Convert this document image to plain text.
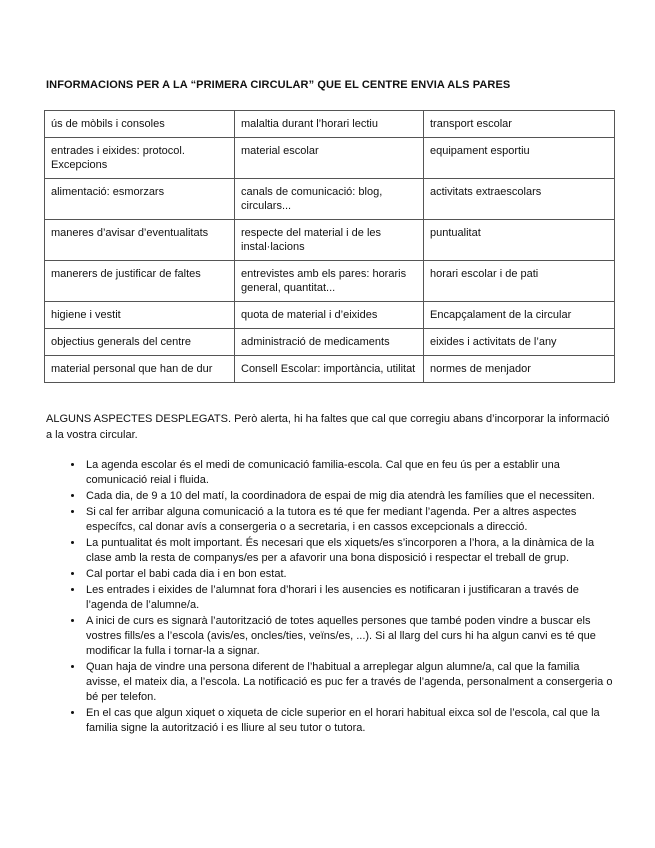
INFORMACIONS PER A LA “PRIMERA CIRCULAR” QUE EL CENTRE ENVIA ALS PARES
ús de mòbils i consoles	malaltia durant l’horari lectiu	transport escolar
entrades i eixides: protocol. Excepcions	material escolar	equipament esportiu
alimentació: esmorzars	canals de comunicació: blog, circulars...	activitats extraescolars
maneres d’avisar d’eventualitats	respecte del material i de les instal·lacions	puntualitat
manerers de justificar de faltes	entrevistes amb els pares: horaris general, quantitat...	horari escolar i de pati
higiene i vestit	quota de material i d’eixides	Encapçalament de la circular
objectius generals del centre	administració de medicaments	eixides i activitats de l’any
material personal que han de dur	Consell Escolar: importància, utilitat	normes de menjador
ALGUNS ASPECTES DESPLEGATS. Però alerta, hi ha faltes que cal que corregiu abans d’incorporar la informació a la vostra circular.
• La agenda escolar és el medi de comunicació familia-escola. Cal que en feu ús per a establir una comunicació reial i fluida.
• Cada dia, de 9 a 10 del matí, la coordinadora de espai de mig dia atendrà les famílies que el necessiten.
• Si cal fer arribar alguna comunicació a la tutora es té que fer mediant l’agenda. Per a altres aspectes específcs, cal donar avís a consergeria o a secretaria, i en cassos excepcionals a direcció.
• La puntualitat és molt important. És necesari que els xiquets/es s’incorporen a l’hora, a la dinàmica de la clase amb la resta de companys/es per a afavorir una bona disposició i respectar el treball de grup.
• Cal portar el babi cada dia i en bon estat.
• Les entrades i eixides de l’alumnat fora d’horari i les ausencies es notificaran i justificaran a través de l’agenda de l’alumne/a.
• A inici de curs es signarà l’autorització de totes aquelles persones que també poden vindre a buscar els vostres fills/es a l’escola (avis/es, oncles/ties, veïns/es, ...). Si al llarg del curs hi ha algun canvi es té que modificar la fulla i tornar-la a signar.
• Quan haja de vindre una persona diferent de l’habitual a arreplegar algun alumne/a, cal que la familia avisse, el mateix dia, a l’escola. La notificació es puc fer a través de l’agenda, personalment a consergeria o bé per telefon.
• En el cas que algun xiquet o xiqueta de cicle superior en el horari habitual eixca sol de l’escola, cal que la familia signe la autorització i es lliure al seu tutor o tutora.
